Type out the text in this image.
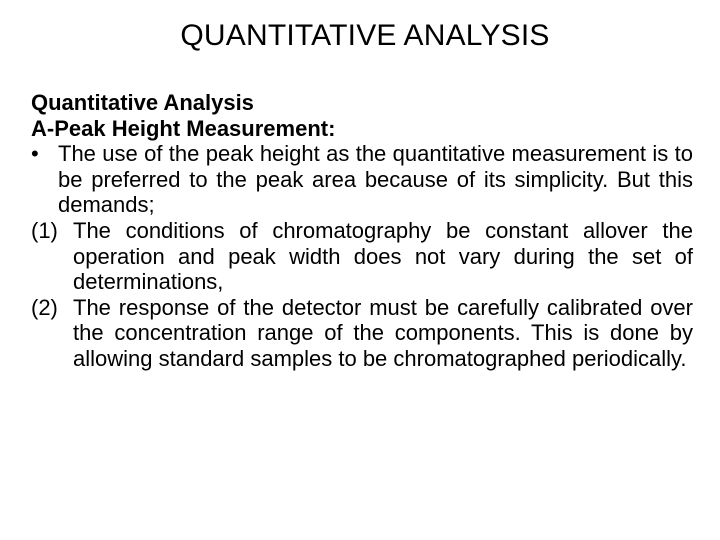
QUANTITATIVE ANALYSIS

Quantitative Analysis

A-Peak Height Measurement:

• The use of the peak height as the quantitative measurement is to be preferred to the peak area because of its simplicity. But this demands;
(1) The conditions of chromatography be constant allover the operation and peak width does not vary during the set of determinations,
(2) The response of the detector must be carefully calibrated over the concentration range of the components. This is done by allowing standard samples to be chromatographed periodically.
